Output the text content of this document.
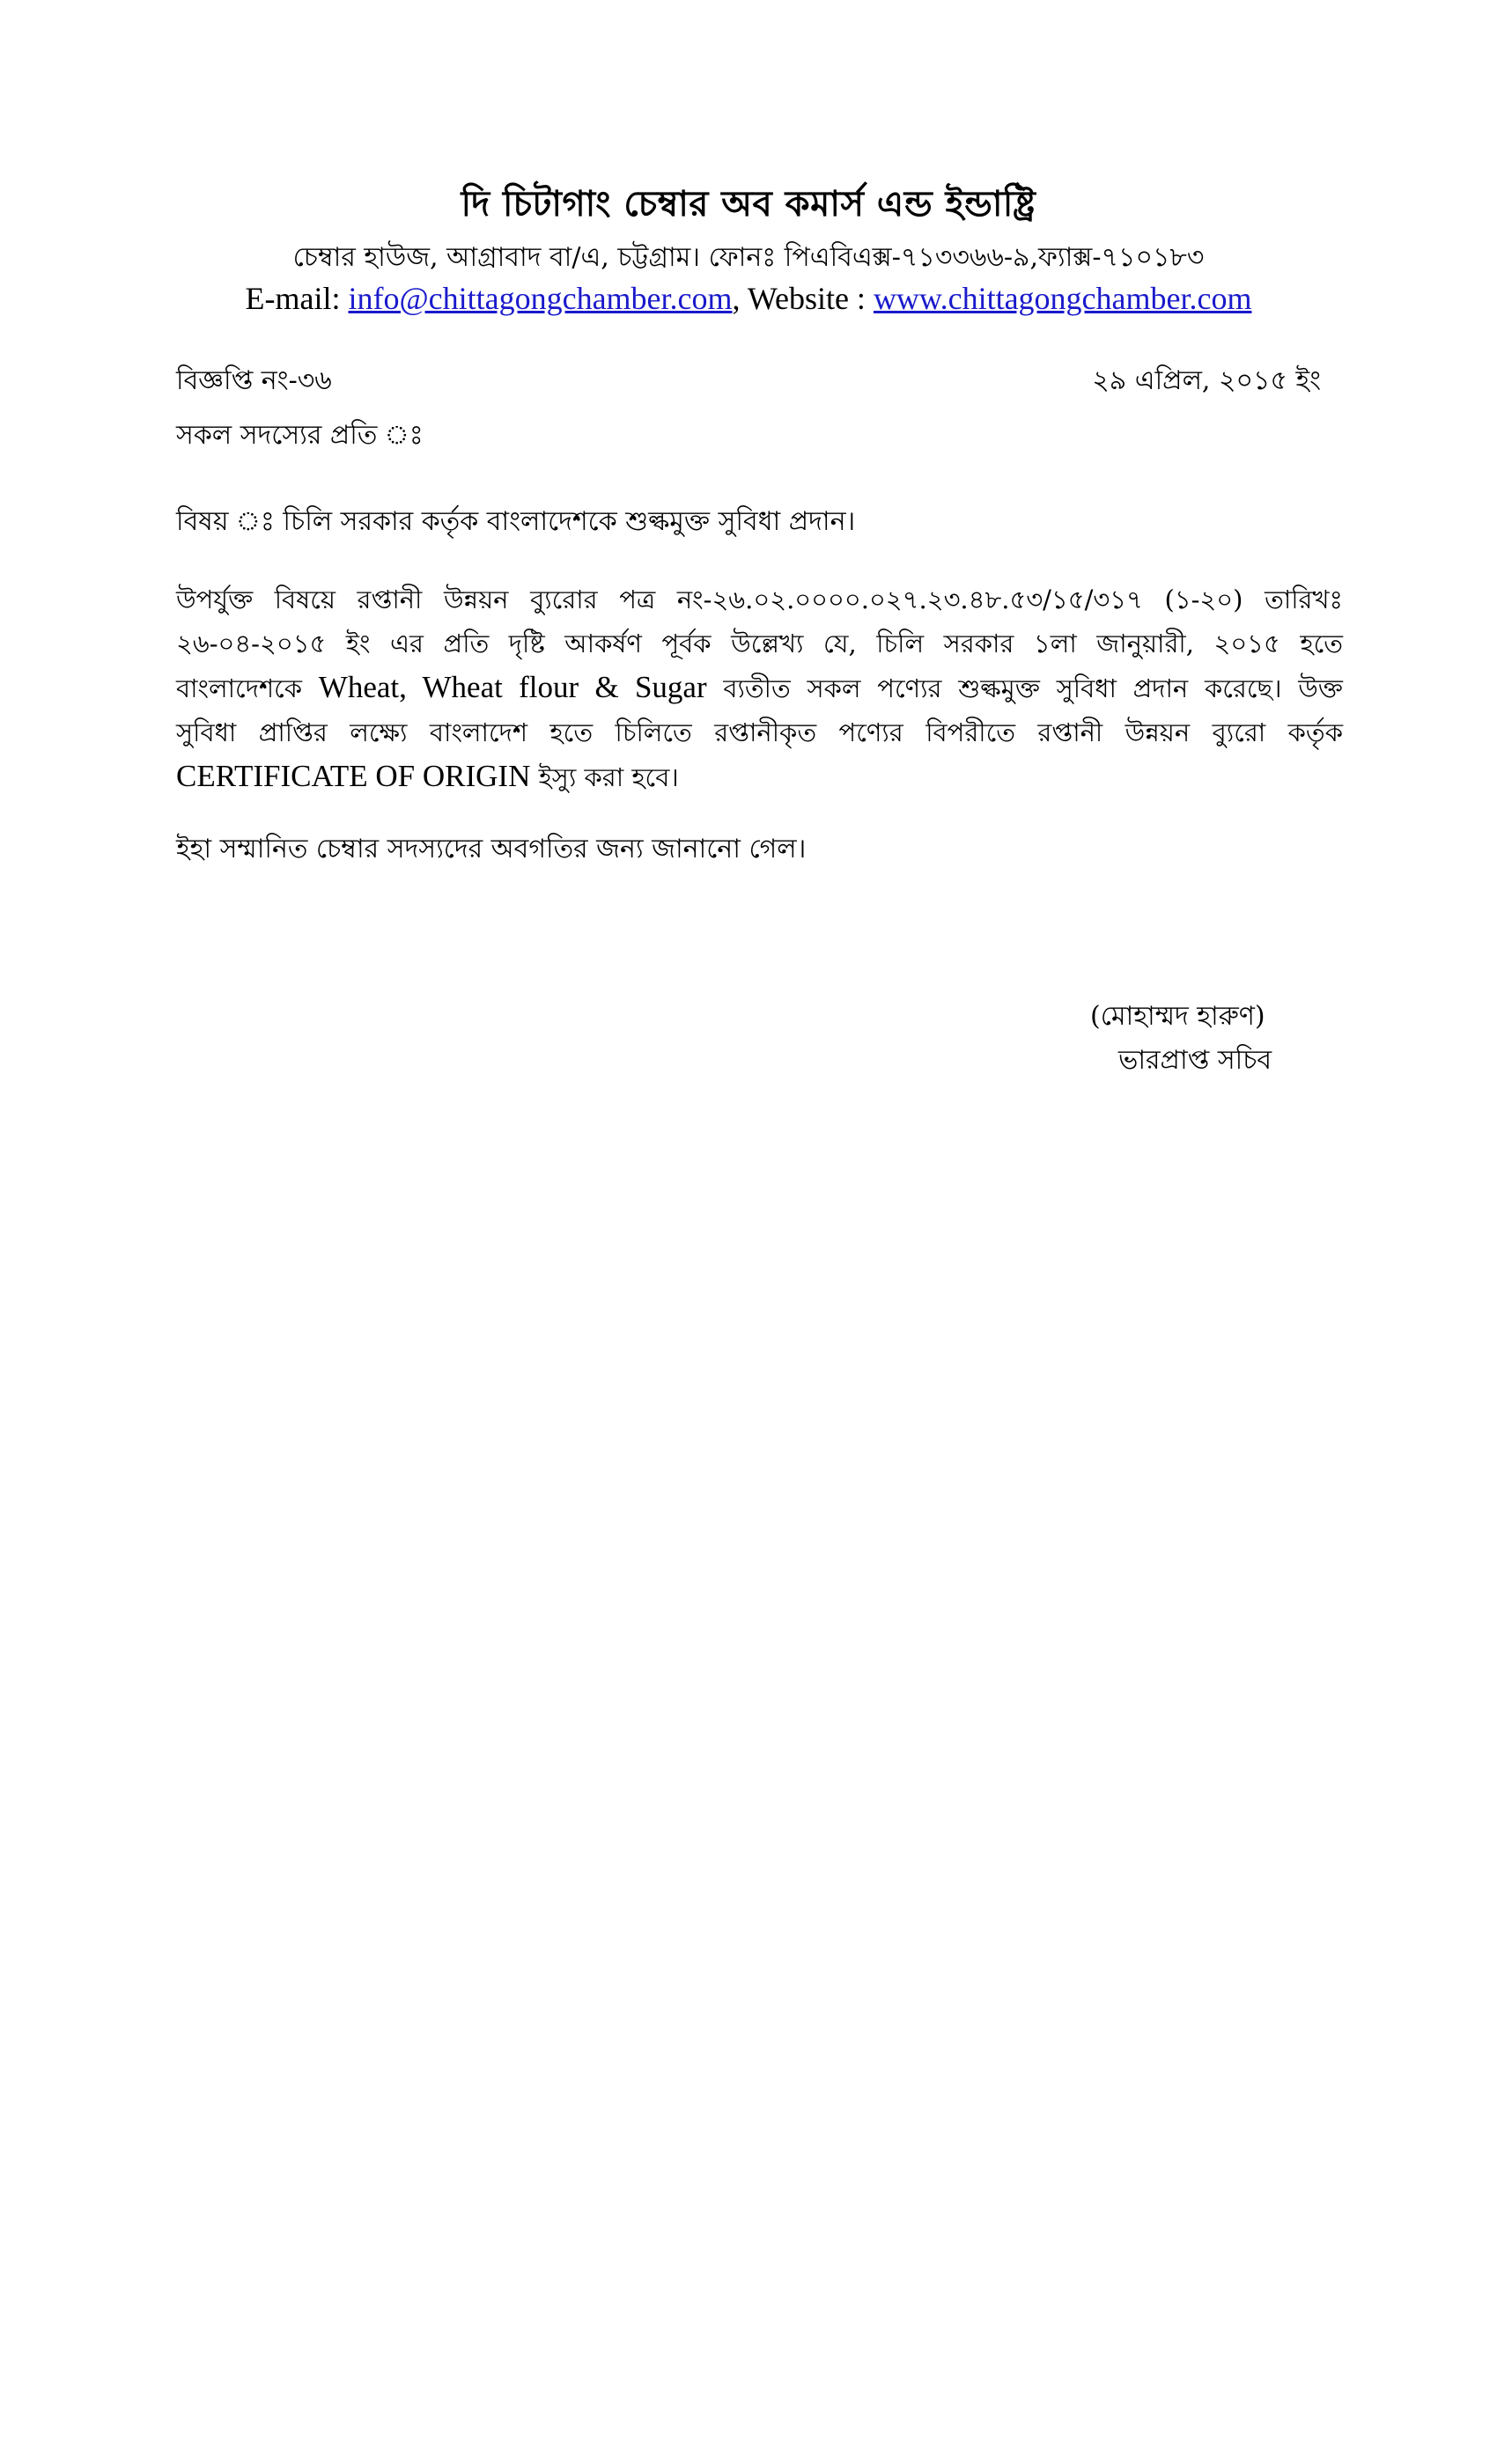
দি চিটাগাং চেম্বার অব কমার্স এন্ড ইন্ডাষ্ট্রি
চেম্বার হাউজ, আগ্রাবাদ বা/এ, চট্টগ্রাম। ফোনঃ পিএবিএক্স-৭১৩৩৬৬-৯,ফ্যাক্স-৭১০১৮৩
E-mail: info@chittagongchamber.com, Website : www.chittagongchamber.com
বিজ্ঞপ্তি নং-৩৬	২৯ এপ্রিল, ২০১৫ ইং
সকল সদস্যের প্রতি ঃ
বিষয় ঃ চিলি সরকার কর্তৃক বাংলাদেশকে শুল্কমুক্ত সুবিধা প্রদান।
উপর্যুক্ত বিষয়ে রপ্তানী উন্নয়ন ব্যুরোর পত্র নং-২৬.০২.০০০০.০২৭.২৩.৪৮.৫৩/১৫/৩১৭ (১-২০) তারিখঃ
২৬-০৪-২০১৫ ইং এর প্রতি দৃষ্টি আকর্ষণ পূর্বক উল্লেখ্য যে, চিলি সরকার ১লা জানুয়ারী, ২০১৫ হতে
বাংলাদেশকে Wheat, Wheat flour & Sugar ব্যতীত সকল পণ্যের শুল্কমুক্ত সুবিধা প্রদান করেছে। উক্ত
সুবিধা প্রাপ্তির লক্ষ্যে বাংলাদেশ হতে চিলিতে রপ্তানীকৃত পণ্যের বিপরীতে রপ্তানী উন্নয়ন ব্যুরো কর্তৃক
CERTIFICATE OF ORIGIN ইস্যু করা হবে।
ইহা সম্মানিত চেম্বার সদস্যদের অবগতির জন্য জানানো গেল।
(মোহাম্মদ হারুণ)
ভারপ্রাপ্ত সচিব
